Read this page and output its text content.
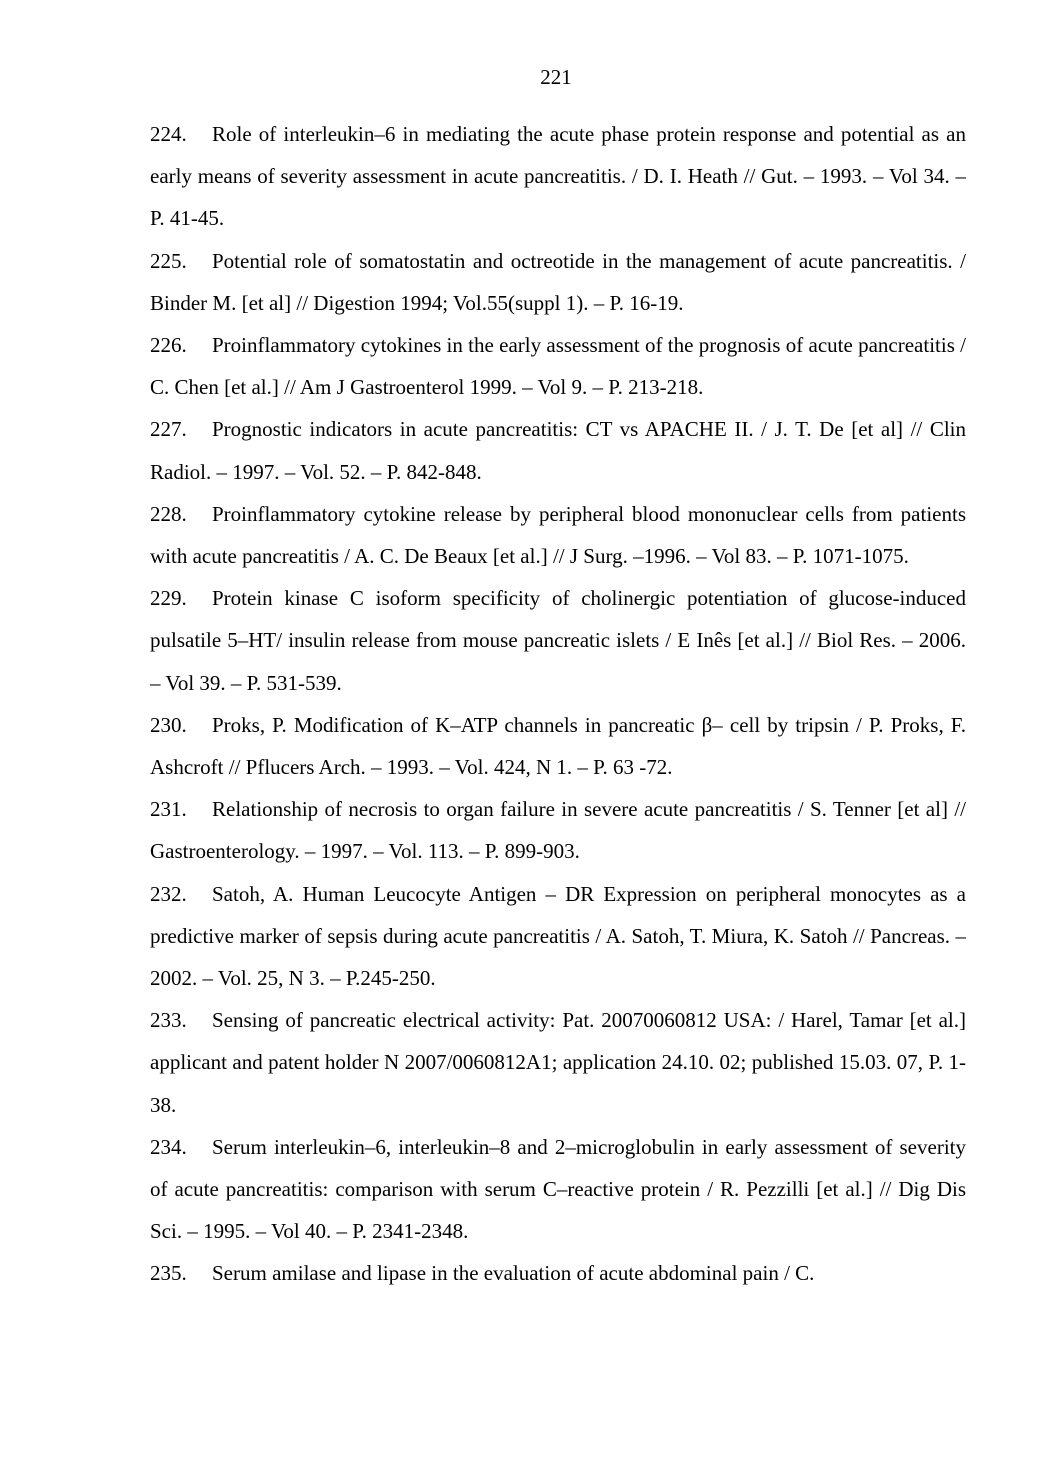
221

224. Role of interleukin–6 in mediating the acute phase protein response and potential as an early means of severity assessment in acute pancreatitis. / D. I. Heath // Gut. – 1993. – Vol 34. – P. 41-45.

225. Potential role of somatostatin and octreotide in the management of acute pancreatitis. / Binder M. [et al] // Digestion 1994; Vol.55(suppl 1). – P. 16-19.

226. Proinflammatory cytokines in the early assessment of the prognosis of acute pancreatitis / C. Chen [et al.] // Am J Gastroenterol 1999. – Vol 9. – P. 213-218.

227. Prognostic indicators in acute pancreatitis: CT vs APACHE II. / J. T. De [et al] // Clin Radiol. – 1997. – Vol. 52. – P. 842-848.

228. Proinflammatory cytokine release by peripheral blood mononuclear cells from patients with acute pancreatitis / A. C. De Beaux [et al.] // J Surg. –1996. – Vol 83. – P. 1071-1075.

229. Protein kinase C isoform specificity of cholinergic potentiation of glucose-induced pulsatile 5–HT/ insulin release from mouse pancreatic islets / E Inês [et al.] // Biol Res. – 2006. – Vol 39. – P. 531-539.

230. Proks, P. Modification of K–ATP channels in pancreatic β– cell by tripsin / P. Proks, F. Ashcroft // Pflucers Arch. – 1993. – Vol. 424, N 1. – P. 63 -72.

231. Relationship of necrosis to organ failure in severe acute pancreatitis / S. Tenner [et al] // Gastroenterology. – 1997. – Vol. 113. – P. 899-903.

232. Satoh, A. Human Leucocyte Antigen – DR Expression on peripheral monocytes as a predictive marker of sepsis during acute pancreatitis / A. Satoh, T. Miura, K. Satoh // Pancreas. – 2002. – Vol. 25, N 3. – P.245-250.

233. Sensing of pancreatic electrical activity: Pat. 20070060812 USA: / Harel, Tamar [et al.] applicant and patent holder N 2007/0060812A1; application 24.10. 02; published 15.03. 07, P. 1-38.

234. Serum interleukin–6, interleukin–8 and 2–microglobulin in early assessment of severity of acute pancreatitis: comparison with serum C–reactive protein / R. Pezzilli [et al.] // Dig Dis Sci. – 1995. – Vol 40. – P. 2341-2348.

235. Serum amilase and lipase in the evaluation of acute abdominal pain / C.
